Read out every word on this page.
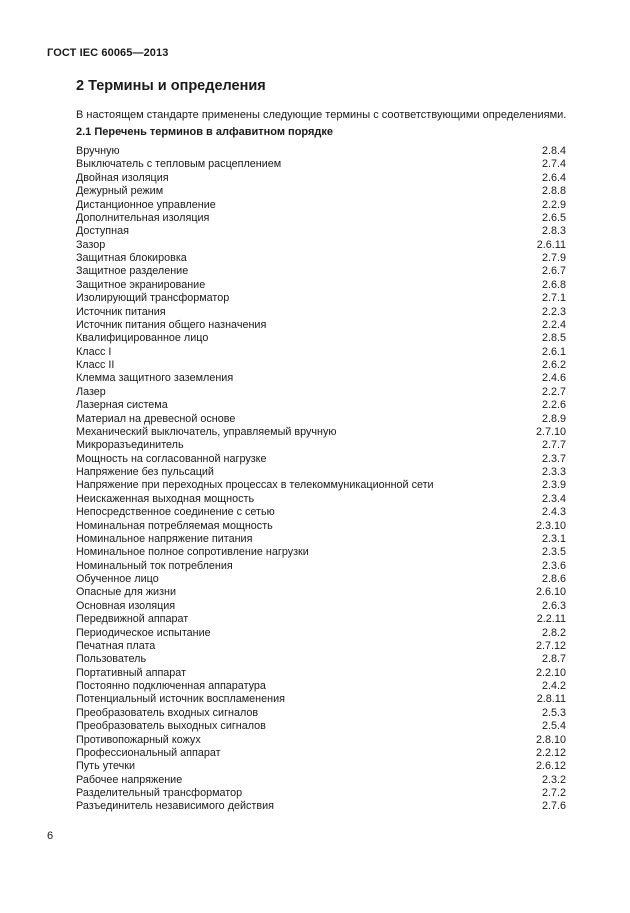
ГОСТ IEC 60065—2013
2 Термины и определения
В настоящем стандарте применены следующие термины с соответствующими определениями.
2.1 Перечень терминов в алфавитном порядке
Вручную	2.8.4
Выключатель с тепловым расцеплением	2.7.4
Двойная изоляция	2.6.4
Дежурный режим	2.8.8
Дистанционное управление	2.2.9
Дополнительная изоляция	2.6.5
Доступная	2.8.3
Зазор	2.6.11
Защитная блокировка	2.7.9
Защитное разделение	2.6.7
Защитное экранирование	2.6.8
Изолирующий трансформатор	2.7.1
Источник питания	2.2.3
Источник питания общего назначения	2.2.4
Квалифицированное лицо	2.8.5
Класс I	2.6.1
Класс II	2.6.2
Клемма защитного заземления	2.4.6
Лазер	2.2.7
Лазерная система	2.2.6
Материал на древесной основе	2.8.9
Механический выключатель, управляемый вручную	2.7.10
Микроразъединитель	2.7.7
Мощность на согласованной нагрузке	2.3.7
Напряжение без пульсаций	2.3.3
Напряжение при переходных процессах в телекоммуникационной сети	2.3.9
Неискаженная выходная мощность	2.3.4
Непосредственное соединение с сетью	2.4.3
Номинальная потребляемая мощность	2.3.10
Номинальное напряжение питания	2.3.1
Номинальное полное сопротивление нагрузки	2.3.5
Номинальный ток потребления	2.3.6
Обученное лицо	2.8.6
Опасные для жизни	2.6.10
Основная изоляция	2.6.3
Передвижной аппарат	2.2.11
Периодическое испытание	2.8.2
Печатная плата	2.7.12
Пользователь	2.8.7
Портативный аппарат	2.2.10
Постоянно подключенная аппаратура	2.4.2
Потенциальный источник воспламенения	2.8.11
Преобразователь входных сигналов	2.5.3
Преобразователь выходных сигналов	2.5.4
Противопожарный кожух	2.8.10
Профессиональный аппарат	2.2.12
Путь утечки	2.6.12
Рабочее напряжение	2.3.2
Разделительный трансформатор	2.7.2
Разъединитель независимого действия	2.7.6
6
